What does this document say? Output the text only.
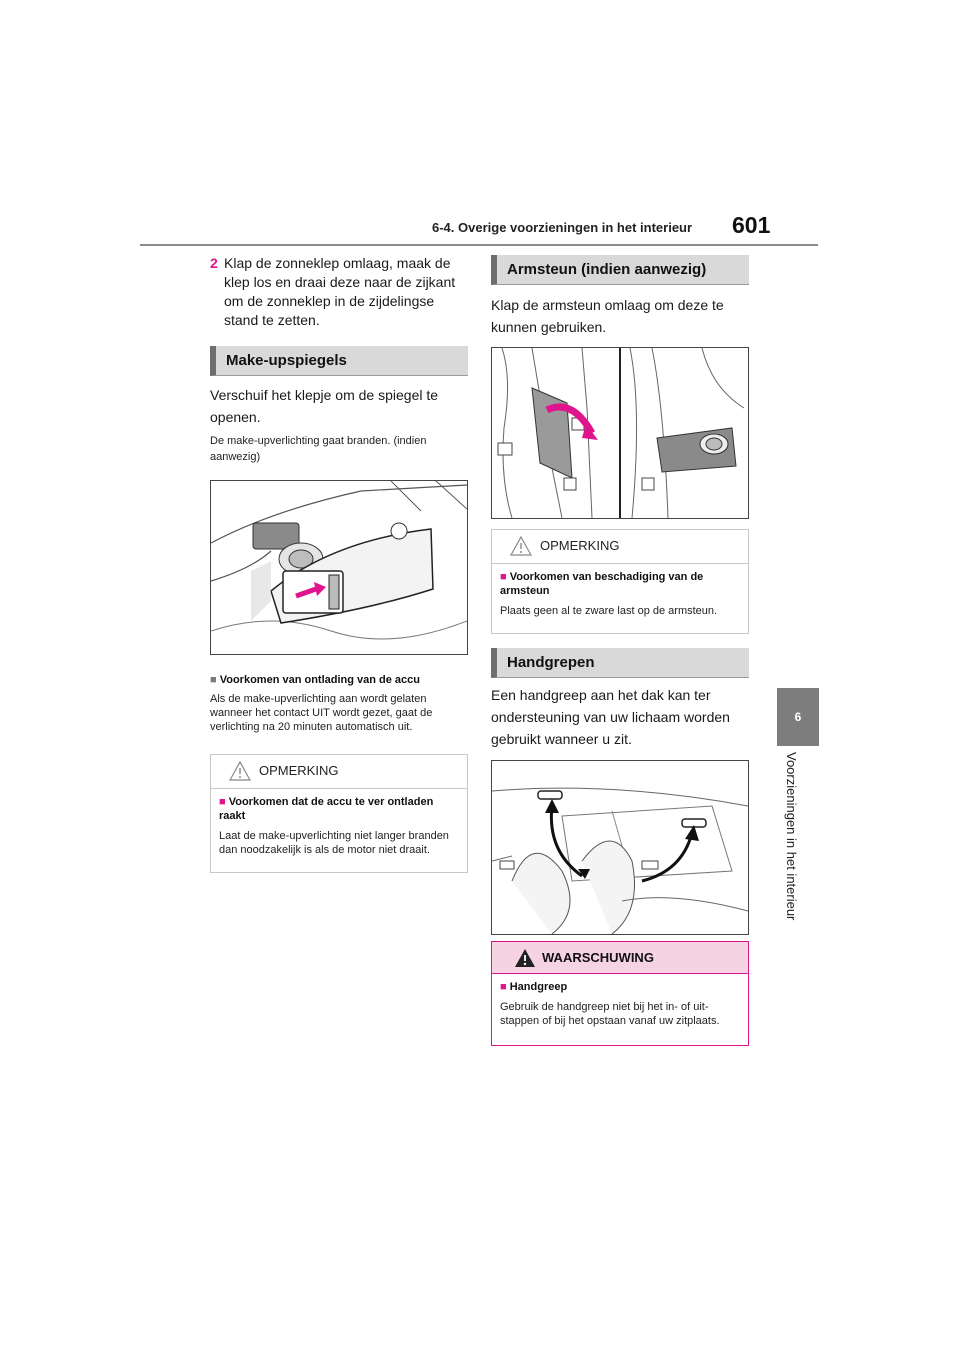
6-4. Overige voorzieningen in het interieur 601
6
Voorzieningen in het interieur
2 Klap de zonneklep omlaag, maak de klep los en draai deze naar de zijkant om de zonneklep in de zijdelingse stand te zetten.
Make-upspiegels
Verschuif het klepje om de spiegel te openen.
De make-upverlichting gaat branden. (indien aanwezig)
■ Voorkomen van ontlading van de accu
Als de make-upverlichting aan wordt gelaten wanneer het contact UIT wordt gezet, gaat de verlichting na 20 minuten automatisch uit.
OPMERKING
■ Voorkomen dat de accu te ver ontladen raakt
Laat de make-upverlichting niet langer branden dan noodzakelijk is als de motor niet draait.
Armsteun (indien aanwezig)
Klap de armsteun omlaag om deze te kunnen gebruiken.
OPMERKING
■ Voorkomen van beschadiging van de armsteun
Plaats geen al te zware last op de armsteun.
Handgrepen
Een handgreep aan het dak kan ter ondersteuning van uw lichaam worden gebruikt wanneer u zit.
WAARSCHUWING
■ Handgreep
Gebruik de handgreep niet bij het in- of uitstappen of bij het opstaan vanaf uw zitplaats.
